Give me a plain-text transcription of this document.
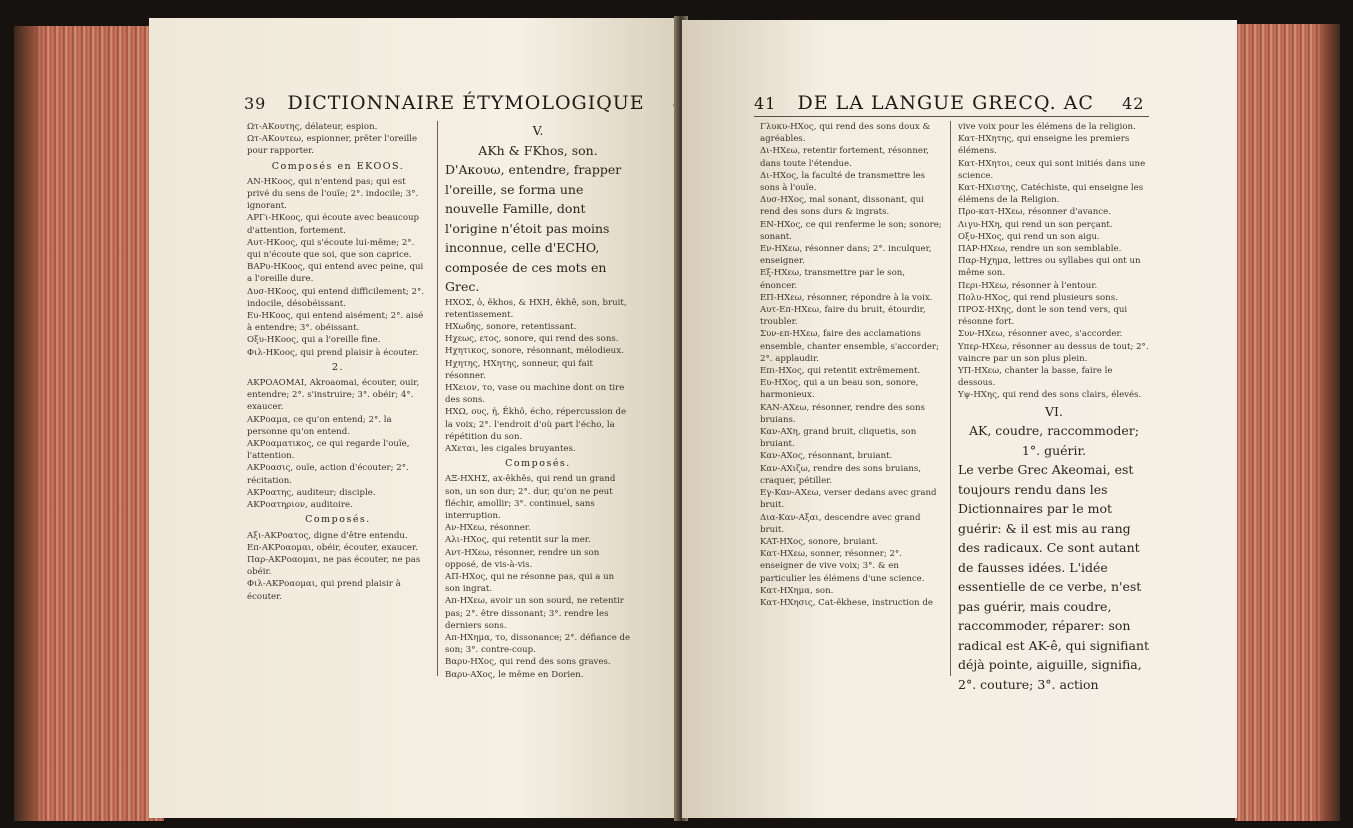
39 DICTIONNAIRE ÉTYMOLOGIQUE

Ωτ-AKουτης, délateur, espion.

Ωτ-AKουτεω, espionner, prêter l'oreille pour rapporter.

Composés en EKOOS.

AN-HKοος, qui n'entend pas; qui est privé du sens de l'ouïe; 2°. indocile; 3°. ignorant.

APΓι-HKοος, qui écoute avec beaucoup d'attention, fortement.

Aυτ-HKοος, qui s'écoute lui-même; 2°. qui n'écoute que soi, que son caprice.

BAPυ-HKοος, qui entend avec peine, qui a l'oreille dure.

Δυσ-HKοος, qui entend difficilement; 2°. indocile, désobéissant.

Eυ-HKοος, qui entend aisément; 2°. aisé à entendre; 3°. obéissant.

Oξυ-HKοος, qui a l'oreille fine.

Φιλ-HKοος, qui prend plaisir à écouter.

2.

AKPOAOMAI, Akroaomai, écouter, ouir, entendre; 2°. s'instruire; 3°. obéir; 4°. exaucer.

AKPοαμα, ce qu'on entend; 2°. la personne qu'on entend.

AKPοαματικος, ce qui regarde l'ouïe, l'attention.

AKPοασις, ouïe, action d'écouter; 2°. récitation.

AKPοατης, auditeur; disciple.

AKPοατηριον, auditoire.

Composés.

Aξι-AKPοατος, digne d'être entendu.

Eπ-AKPοαομαι, obéir, écouter, exaucer.

Παρ-AKPοαομαι, ne pas écouter, ne pas obéir.

Φιλ-AKPοαομαι, qui prend plaisir à écouter.

V.

AKh & FKhos, son.

D'Ακουω, entendre, frapper l'oreille, se forma une nouvelle Famille, dont l'origine n'étoit pas moins inconnue, celle d'ECHO, composée de ces mots en Grec.

HXOΣ, ὁ, êkhos, & HXH, êkhê, son, bruit, retentissement.

HXωδης, sonore, retentissant.

Hχεως, ετος, sonore, qui rend des sons.

Hχητικος, sonore, résonnant, mélodieux.

Hχητης, HXητης, sonneur, qui fait résonner.

HXειον, το, vase ou machine dont on tire des sons.

HXΩ, ους, ἡ, Êkhô, écho, répercussion de la voix; 2°. l'endroit d'où part l'écho, la répétition du son.

AXεται, les cigales bruyantes.

Composés.

AΞ-HXHΣ, ax-êkhês, qui rend un grand son, un son dur; 2°. dur, qu'on ne peut fléchir, amollir; 3°. continuel, sans interruption.

Aν-HXεω, résonner.

Aλι-HXος, qui retentit sur la mer.

Aντ-HXεω, résonner, rendre un son opposé, de vis-à-vis.

AΠ-HXος, qui ne résonne pas, qui a un son ingrat.

Aπ-HXεω, avoir un son sourd, ne retentir pas; 2°. être dissonant; 3°. rendre les derniers sons.

Aπ-HXημα, το, dissonance; 2°. défiance de son; 3°. contre-coup.

Bαρυ-HXος, qui rend des sons graves.

Bαρυ-AXος, le même en Dorien.

41 DE LA LANGUE GRECQ. AC 42

Γλυκυ-HXος, qui rend des sons doux & agréables.

Δι-HXεω, retentir fortement, résonner, dans toute l'étendue.

Δι-HXος, la faculté de transmettre les sons à l'ouïe.

Δυσ-HXος, mal sonant, dissonant, qui rend des sons durs & ingrats.

EN-HXος, ce qui renferme le son; sonore; sonant.

Eν-HXεω, résonner dans; 2°. inculquer, enseigner.

Eξ-HXεω, transmettre par le son, énoncer.

EΠ-HXεω, résonner, répondre à la voix.

Aυτ-Eπ-HXεω, faire du bruit, étourdir, troubler.

Συν-επ-HXεω, faire des acclamations ensemble, chanter ensemble, s'accorder; 2°. applaudir.

Eπι-HXος, qui retentit extrêmement.

Eυ-HXος, qui a un beau son, sonore, harmonieux.

KAN-AXεω, résonner, rendre des sons bruians.

Kαν-AXη, grand bruit, cliquetis, son bruiant.

Kαν-AXος, résonnant, bruiant.

Kαν-AXιζω, rendre des sons bruians, craquer, pétiller.

Eγ-Kαν-AXεω, verser dedans avec grand bruit.

Δια-Kαν-Aξαι, descendre avec grand bruit.

KAT-HXος, sonore, bruiant.

Kατ-HXεω, sonner, résonner; 2°. enseigner de vive voix; 3°. & en particulier les élémens d'une science.

Kατ-HXημα, son.

Kατ-HXησις, Cat-êkhese, instruction de

vive voix pour les élémens de la religion.

Kατ-HXητης, qui enseigne les premiers élémens.

Kατ-HXητοι, ceux qui sont initiés dans une science.

Kατ-HXιστης, Catéchiste, qui enseigne les élémens de la Religion.

Προ-κατ-HXεω, résonner d'avance.

Λιγυ-HXη, qui rend un son perçant.

Oξυ-HXος, qui rend un son aigu.

ΠAP-HXεω, rendre un son semblable.

Παρ-Hχημα, lettres ou syllabes qui ont un même son.

Περι-HXεω, résonner à l'entour.

Πολυ-HXος, qui rend plusieurs sons.

ΠPOΣ-HXης, dont le son tend vers, qui résonne fort.

Συν-HXεω, résonner avec, s'accorder.

Υπερ-HXεω, résonner au dessus de tout; 2°. vaincre par un son plus plein.

YΠ-HXεω, chanter la basse, faire le dessous.

Yψ-HXης, qui rend des sons clairs, élevés.

VI.

AK, coudre, raccommoder;

1°. guérir.

Le verbe Grec Akeomai, est toujours rendu dans les Dictionnaires par le mot guérir: & il est mis au rang des radicaux. Ce sont autant de fausses idées. L'idée essentielle de ce verbe, n'est pas guérir, mais coudre, raccommoder, réparer: son radical est AK-ê, qui signifiant déjà pointe, aiguille, signifia, 2°. couture; 3°. action
